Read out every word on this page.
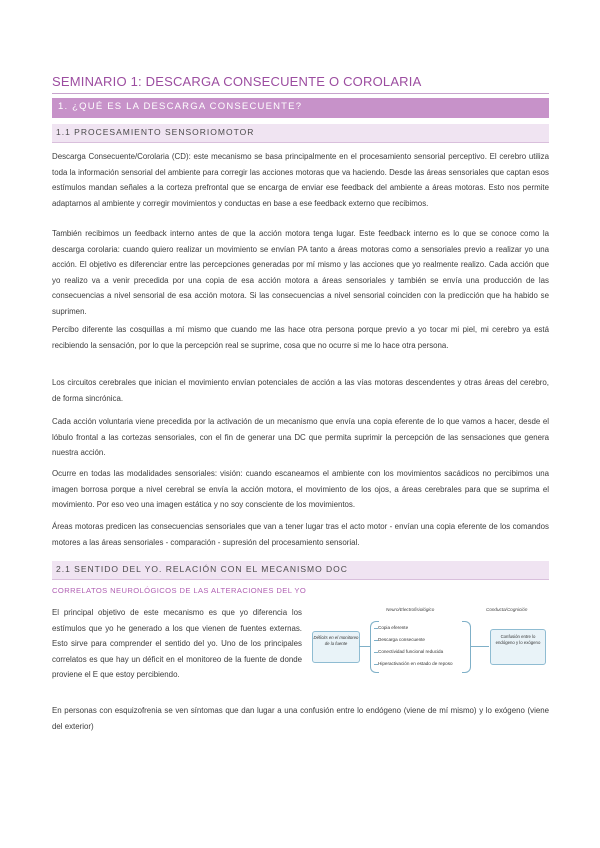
SEMINARIO 1: DESCARGA CONSECUENTE O COROLARIA
1. ¿QUÉ ES LA DESCARGA CONSECUENTE?
1.1 PROCESAMIENTO SENSORIOMOTOR
Descarga Consecuente/Corolaria (CD): este mecanismo se basa principalmente en el procesamiento sensorial perceptivo. El cerebro utiliza toda la información sensorial del ambiente para corregir las acciones motoras que va haciendo. Desde las áreas sensoriales que captan esos estímulos mandan señales a la corteza prefrontal que se encarga de enviar ese feedback del ambiente a áreas motoras. Esto nos permite adaptarnos al ambiente y corregir movimientos y conductas en base a ese feedback externo que recibimos.
También recibimos un feedback interno antes de que la acción motora tenga lugar. Este feedback interno es lo que se conoce como la descarga corolaria: cuando quiero realizar un movimiento se envían PA tanto a áreas motoras como a sensoriales previo a realizar yo una acción. El objetivo es diferenciar entre las percepciones generadas por mí mismo y las acciones que yo realmente realizo. Cada acción que yo realizo va a venir precedida por una copia de esa acción motora a áreas sensoriales y también se envía una producción de las consecuencias a nivel sensorial de esa acción motora. Si las consecuencias a nivel sensorial coinciden con la predicción que ha habido se suprimen.
Percibo diferente las cosquillas a mí mismo que cuando me las hace otra persona porque previo a yo tocar mi piel, mi cerebro ya está recibiendo la sensación, por lo que la percepción real se suprime, cosa que no ocurre si me lo hace otra persona.
Los circuitos cerebrales que inician el movimiento envían potenciales de acción a las vías motoras descendentes y otras áreas del cerebro, de forma sincrónica.
Cada acción voluntaria viene precedida por la activación de un mecanismo que envía una copia eferente de lo que vamos a hacer, desde el lóbulo frontal a las cortezas sensoriales, con el fin de generar una DC que permita suprimir la percepción de las sensaciones que genera nuestra acción.
Ocurre en todas las modalidades sensoriales: visión: cuando escaneamos el ambiente con los movimientos sacádicos no percibimos una imagen borrosa porque a nivel cerebral se envía la acción motora, el movimiento de los ojos, a áreas cerebrales para que se suprima el movimiento. Por eso veo una imagen estática y no soy consciente de los movimientos.
Áreas motoras predicen las consecuencias sensoriales que van a tener lugar tras el acto motor - envían una copia eferente de los comandos motores a las áreas sensoriales - comparación - supresión del procesamiento sensorial.
2.1 SENTIDO DEL YO. RELACIÓN CON EL MECANISMO DOC
CORRELATOS NEUROLÓGICOS DE LAS ALTERACIONES DEL YO
El principal objetivo de este mecanismo es que yo diferencia los estímulos que yo he generado a los que vienen de fuentes externas. Esto sirve para comprender el sentido del yo. Uno de los principales correlatos es que hay un déficit en el monitoreo de la fuente de donde proviene el E que estoy percibiendo.
Neuro/Electrofisiológico	Conducta/Cognición
Déficits en el monitoreo de la fuente
Copia eferente
Descarga consecuente
Conectividad funcional reducida
Hiperactivación en estado de reposo
Confusión entre lo endógeno y lo exógeno
En personas con esquizofrenia se ven síntomas que dan lugar a una confusión entre lo endógeno (viene de mí mismo) y lo exógeno (viene del exterior)
